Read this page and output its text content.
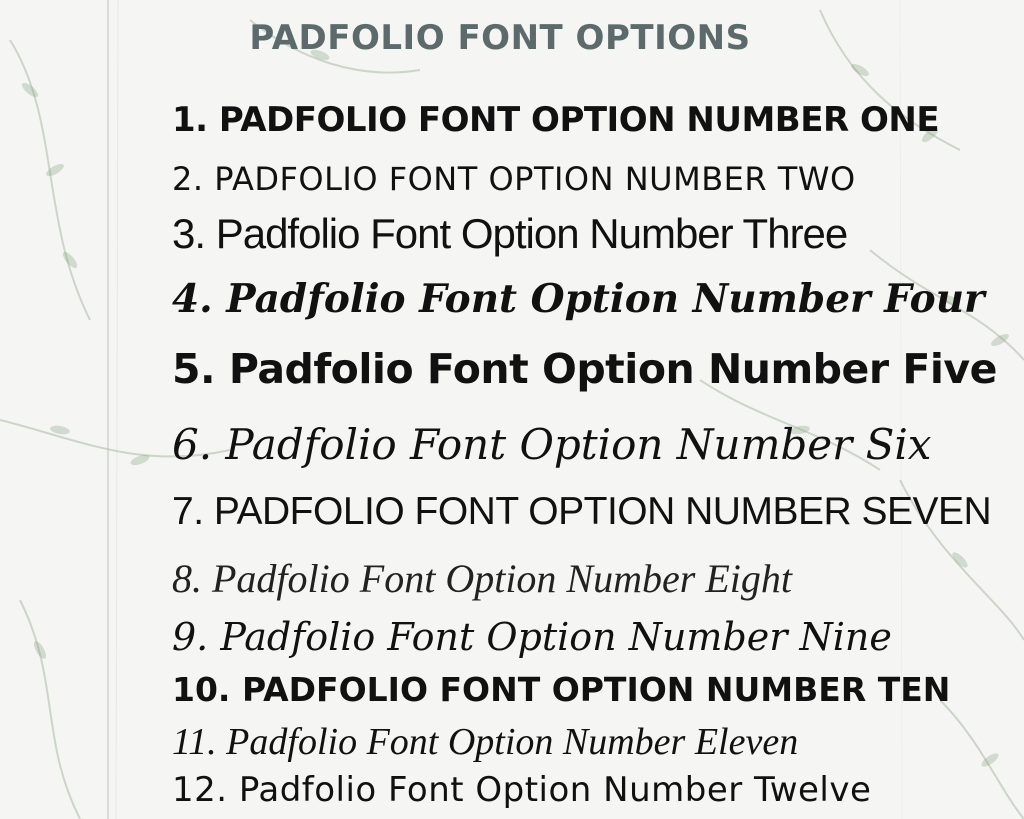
PADFOLIO FONT OPTIONS
1. PADFOLIO FONT OPTION NUMBER ONE
2. PADFOLIO FONT OPTION NUMBER TWO
3. Padfolio Font Option Number Three
4. Padfolio Font Option Number Four
5. Padfolio Font Option Number Five
6. Padfolio Font Option Number Six
7. PADFOLIO FONT OPTION NUMBER SEVEN
8. Padfolio Font Option Number Eight
9. Padfolio Font Option Number Nine
10. PADFOLIO FONT OPTION NUMBER TEN
11. Padfolio Font Option Number Eleven
12. Padfolio Font Option Number Twelve
